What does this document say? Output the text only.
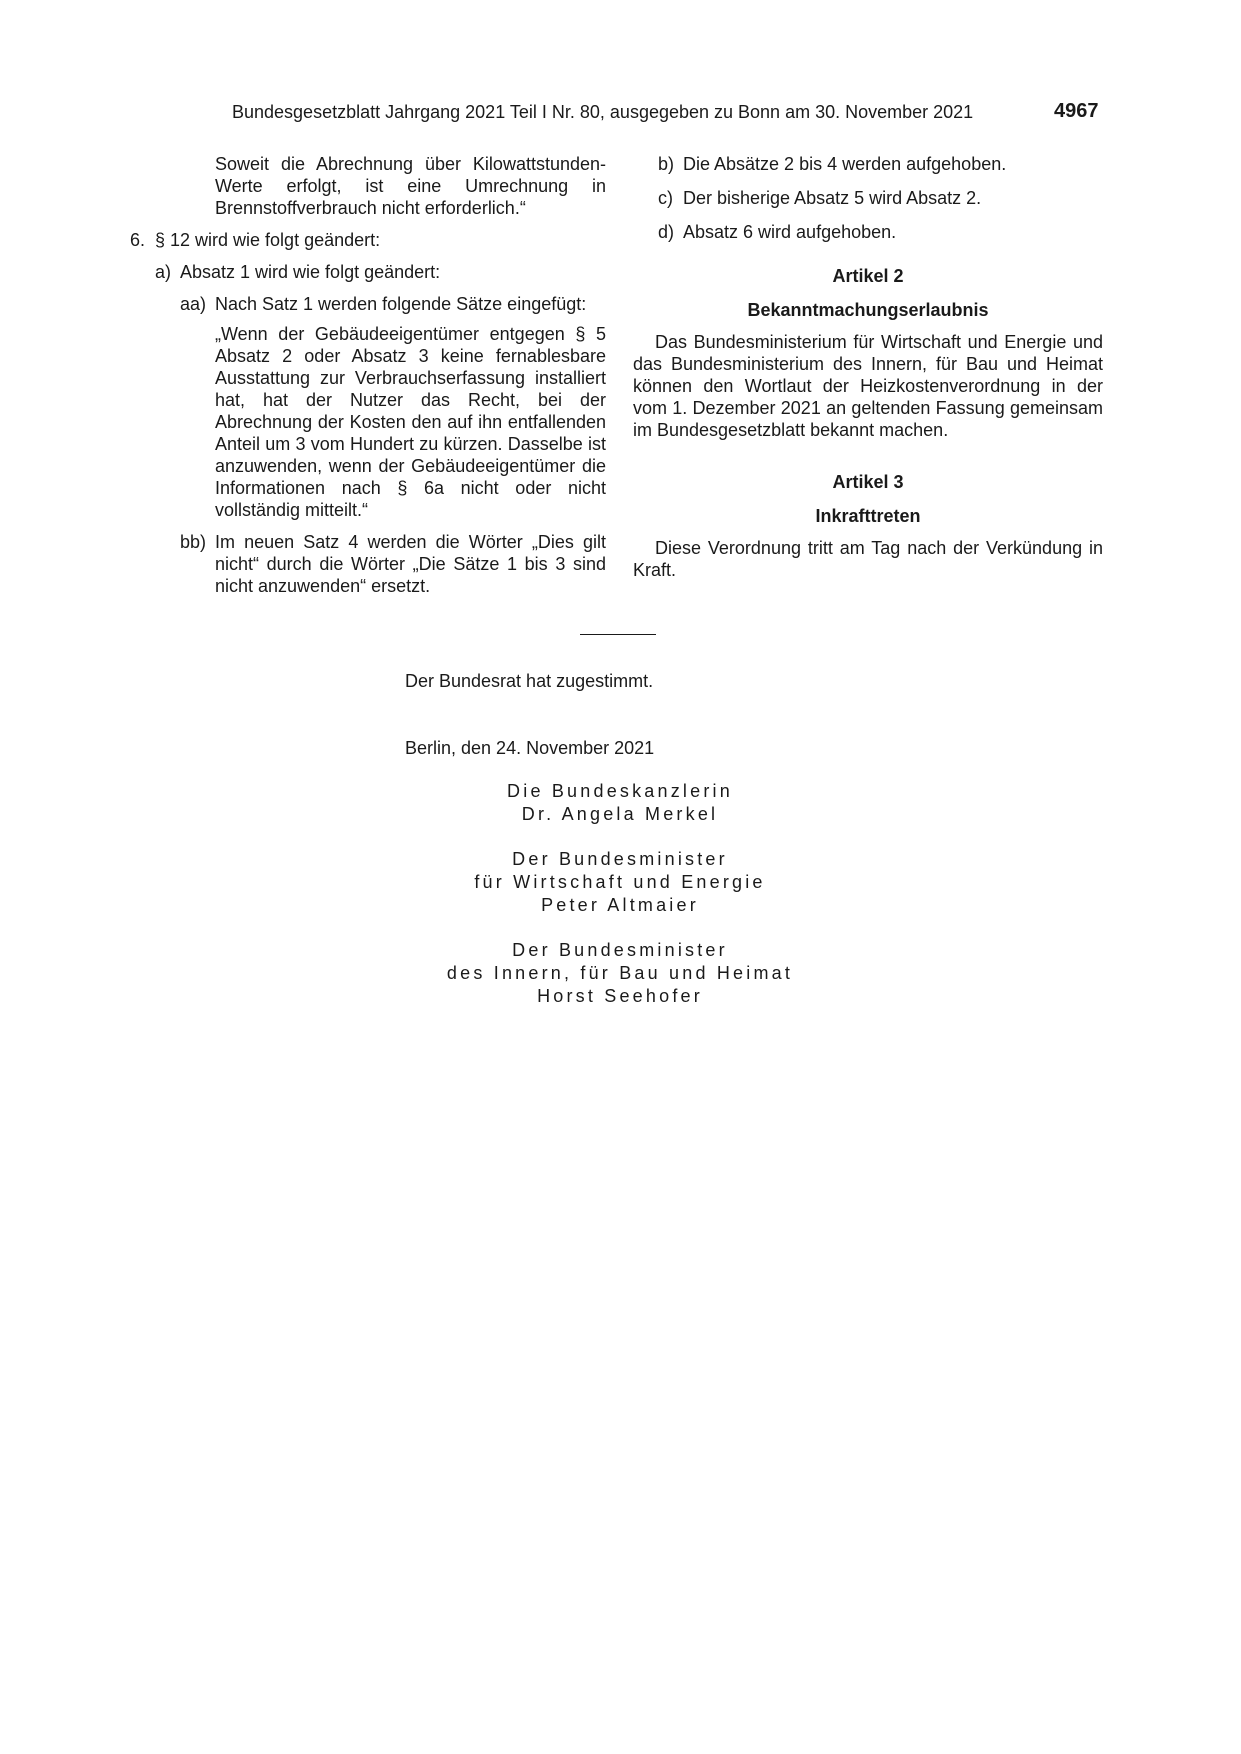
Bundesgesetzblatt Jahrgang 2021 Teil I Nr. 80, ausgegeben zu Bonn am 30. November 2021	4967

Soweit die Abrechnung über Kilowattstunden-Werte erfolgt, ist eine Umrechnung in Brennstoffverbrauch nicht erforderlich.“

6. § 12 wird wie folgt geändert:
a) Absatz 1 wird wie folgt geändert:
aa) Nach Satz 1 werden folgende Sätze eingefügt:
„Wenn der Gebäudeeigentümer entgegen § 5 Absatz 2 oder Absatz 3 keine fernablesbare Ausstattung zur Verbrauchserfassung installiert hat, hat der Nutzer das Recht, bei der Abrechnung der Kosten den auf ihn entfallenden Anteil um 3 vom Hundert zu kürzen. Dasselbe ist anzuwenden, wenn der Gebäudeeigentümer die Informationen nach § 6a nicht oder nicht vollständig mitteilt.“
bb) Im neuen Satz 4 werden die Wörter „Dies gilt nicht“ durch die Wörter „Die Sätze 1 bis 3 sind nicht anzuwenden“ ersetzt.
b) Die Absätze 2 bis 4 werden aufgehoben.
c) Der bisherige Absatz 5 wird Absatz 2.
d) Absatz 6 wird aufgehoben.

Artikel 2

Bekanntmachungserlaubnis

Das Bundesministerium für Wirtschaft und Energie und das Bundesministerium des Innern, für Bau und Heimat können den Wortlaut der Heizkostenverordnung in der vom 1. Dezember 2021 an geltenden Fassung gemeinsam im Bundesgesetzblatt bekannt machen.

Artikel 3

Inkrafttreten

Diese Verordnung tritt am Tag nach der Verkündung in Kraft.

Der Bundesrat hat zugestimmt.
Berlin, den 24. November 2021
Die Bundeskanzlerin
Dr. Angela Merkel
Der Bundesminister
für Wirtschaft und Energie
Peter Altmaier
Der Bundesminister
des Innern, für Bau und Heimat
Horst Seehofer
